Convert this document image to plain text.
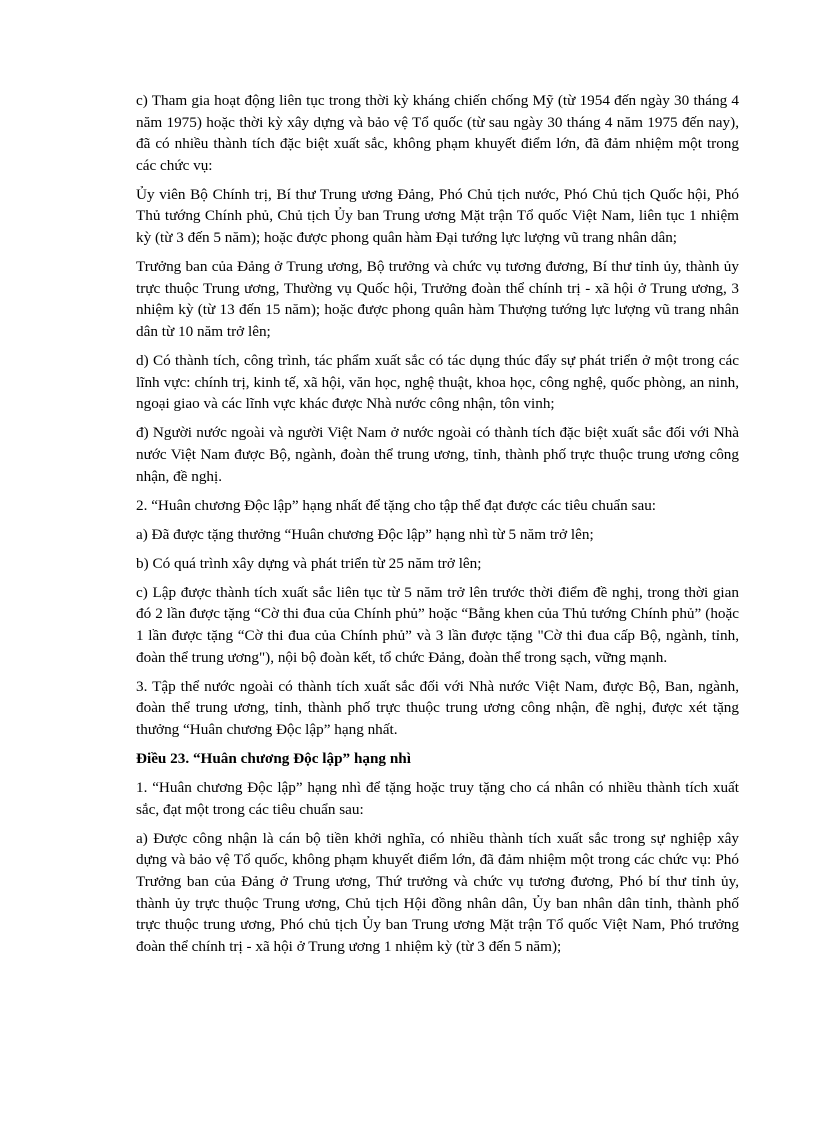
c) Tham gia hoạt động liên tục trong thời kỳ kháng chiến chống Mỹ (từ 1954 đến ngày 30 tháng 4 năm 1975) hoặc thời kỳ xây dựng và bảo vệ Tổ quốc (từ sau ngày 30 tháng 4 năm 1975 đến nay), đã có nhiều thành tích đặc biệt xuất sắc, không phạm khuyết điểm lớn, đã đảm nhiệm một trong các chức vụ:

Ủy viên Bộ Chính trị, Bí thư Trung ương Đảng, Phó Chủ tịch nước, Phó Chủ tịch Quốc hội, Phó Thủ tướng Chính phủ, Chủ tịch Ủy ban Trung ương Mặt trận Tổ quốc Việt Nam, liên tục 1 nhiệm kỳ (từ 3 đến 5 năm); hoặc được phong quân hàm Đại tướng lực lượng vũ trang nhân dân;

Trưởng ban của Đảng ở Trung ương, Bộ trưởng và chức vụ tương đương, Bí thư tỉnh ủy, thành ủy trực thuộc Trung ương, Thường vụ Quốc hội, Trưởng đoàn thể chính trị - xã hội ở Trung ương, 3 nhiệm kỳ (từ 13 đến 15 năm); hoặc được phong quân hàm Thượng tướng lực lượng vũ trang nhân dân từ 10 năm trở lên;

d) Có thành tích, công trình, tác phẩm xuất sắc có tác dụng thúc đẩy sự phát triển ở một trong các lĩnh vực: chính trị, kinh tế, xã hội, văn học, nghệ thuật, khoa học, công nghệ, quốc phòng, an ninh, ngoại giao và các lĩnh vực khác được Nhà nước công nhận, tôn vinh;

đ) Người nước ngoài và người Việt Nam ở nước ngoài có thành tích đặc biệt xuất sắc đối với Nhà nước Việt Nam được Bộ, ngành, đoàn thể trung ương, tỉnh, thành phố trực thuộc trung ương công nhận, đề nghị.

2. “Huân chương Độc lập” hạng nhất để tặng cho tập thể đạt được các tiêu chuẩn sau:

a) Đã được tặng thưởng “Huân chương Độc lập” hạng nhì từ 5 năm trở lên;

b) Có quá trình xây dựng và phát triển từ 25 năm trở lên;

c) Lập được thành tích xuất sắc liên tục từ 5 năm trở lên trước thời điểm đề nghị, trong thời gian đó 2 lần được tặng “Cờ thi đua của Chính phủ” hoặc “Bằng khen của Thủ tướng Chính phủ” (hoặc 1 lần được tặng “Cờ thi đua của Chính phủ” và 3 lần được tặng "Cờ thi đua cấp Bộ, ngành, tỉnh, đoàn thể trung ương"), nội bộ đoàn kết, tổ chức Đảng, đoàn thể trong sạch, vững mạnh.

3. Tập thể nước ngoài có thành tích xuất sắc đối với Nhà nước Việt Nam, được Bộ, Ban, ngành, đoàn thể trung ương, tỉnh, thành phố trực thuộc trung ương công nhận, đề nghị, được xét tặng thưởng “Huân chương Độc lập” hạng nhất.

Điều 23. “Huân chương Độc lập” hạng nhì

1. “Huân chương Độc lập” hạng nhì để tặng hoặc truy tặng cho cá nhân có nhiều thành tích xuất sắc, đạt một trong các tiêu chuẩn sau:

a) Được công nhận là cán bộ tiền khởi nghĩa, có nhiều thành tích xuất sắc trong sự nghiệp xây dựng và bảo vệ Tổ quốc, không phạm khuyết điểm lớn, đã đảm nhiệm một trong các chức vụ: Phó Trưởng ban của Đảng ở Trung ương, Thứ trưởng và chức vụ tương đương, Phó bí thư tỉnh ủy, thành ủy trực thuộc Trung ương, Chủ tịch Hội đồng nhân dân, Ủy ban nhân dân tỉnh, thành phố trực thuộc trung ương, Phó chủ tịch Ủy ban Trung ương Mặt trận Tổ quốc Việt Nam, Phó trưởng đoàn thể chính trị - xã hội ở Trung ương 1 nhiệm kỳ (từ 3 đến 5 năm);
